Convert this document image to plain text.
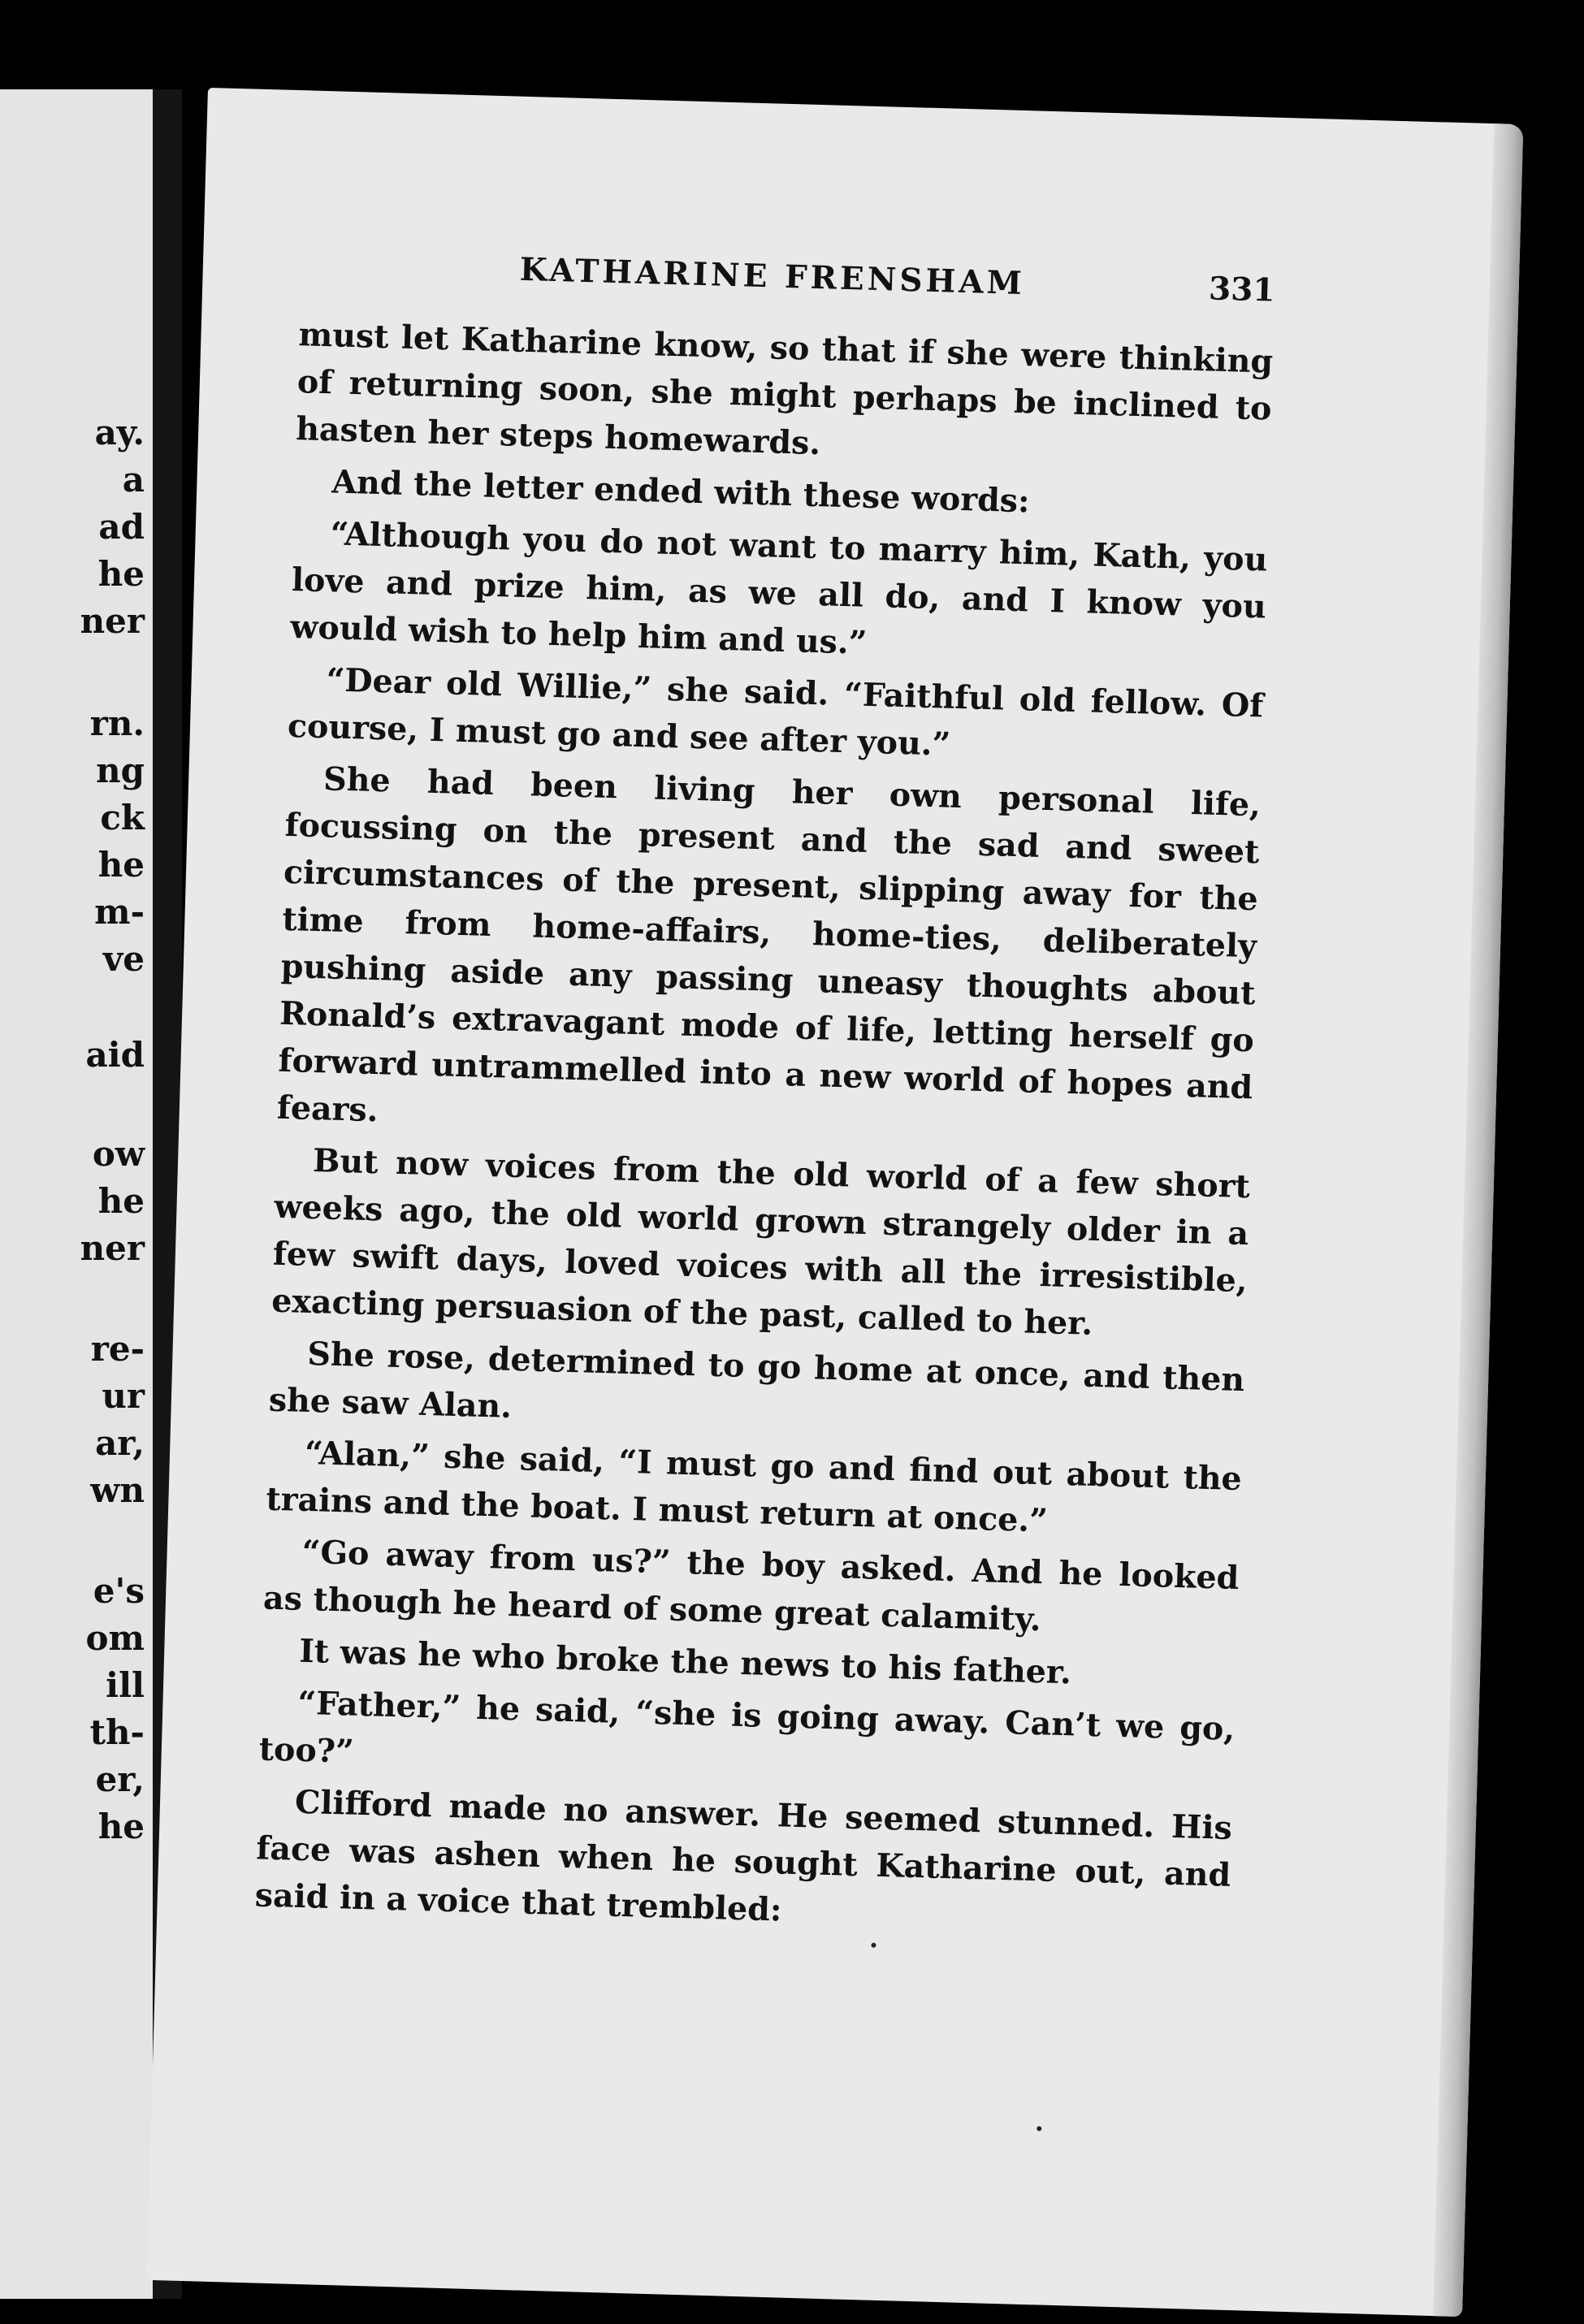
ay.
a
ad
he
ner
rn.
ng
ck
he
m-
ve
aid
ow
he
ner
re-
ur
ar,
wn
e's
om
ill
th-
er,
he
KATHARINE FRENSHAM	331

must let Katharine know, so that if she were thinking of returning soon, she might perhaps be inclined to hasten her steps homewards.

And the letter ended with these words:

“Although you do not want to marry him, Kath, you love and prize him, as we all do, and I know you would wish to help him and us.”

“Dear old Willie,” she said. “Faithful old fellow. Of course, I must go and see after you.”

She had been living her own personal life, focussing on the present and the sad and sweet circumstances of the present, slipping away for the time from home-affairs, home-ties, deliberately pushing aside any passing uneasy thoughts about Ronald’s extravagant mode of life, letting herself go forward untrammelled into a new world of hopes and fears.

But now voices from the old world of a few short weeks ago, the old world grown strangely older in a few swift days, loved voices with all the irresistible, exacting persuasion of the past, called to her.

She rose, determined to go home at once, and then she saw Alan.

“Alan,” she said, “I must go and find out about the trains and the boat. I must return at once.”

“Go away from us?” the boy asked. And he looked as though he heard of some great calamity.

It was he who broke the news to his father.

“Father,” he said, “she is going away. Can’t we go, too?”

Clifford made no answer. He seemed stunned. His face was ashen when he sought Katharine out, and said in a voice that trembled:
